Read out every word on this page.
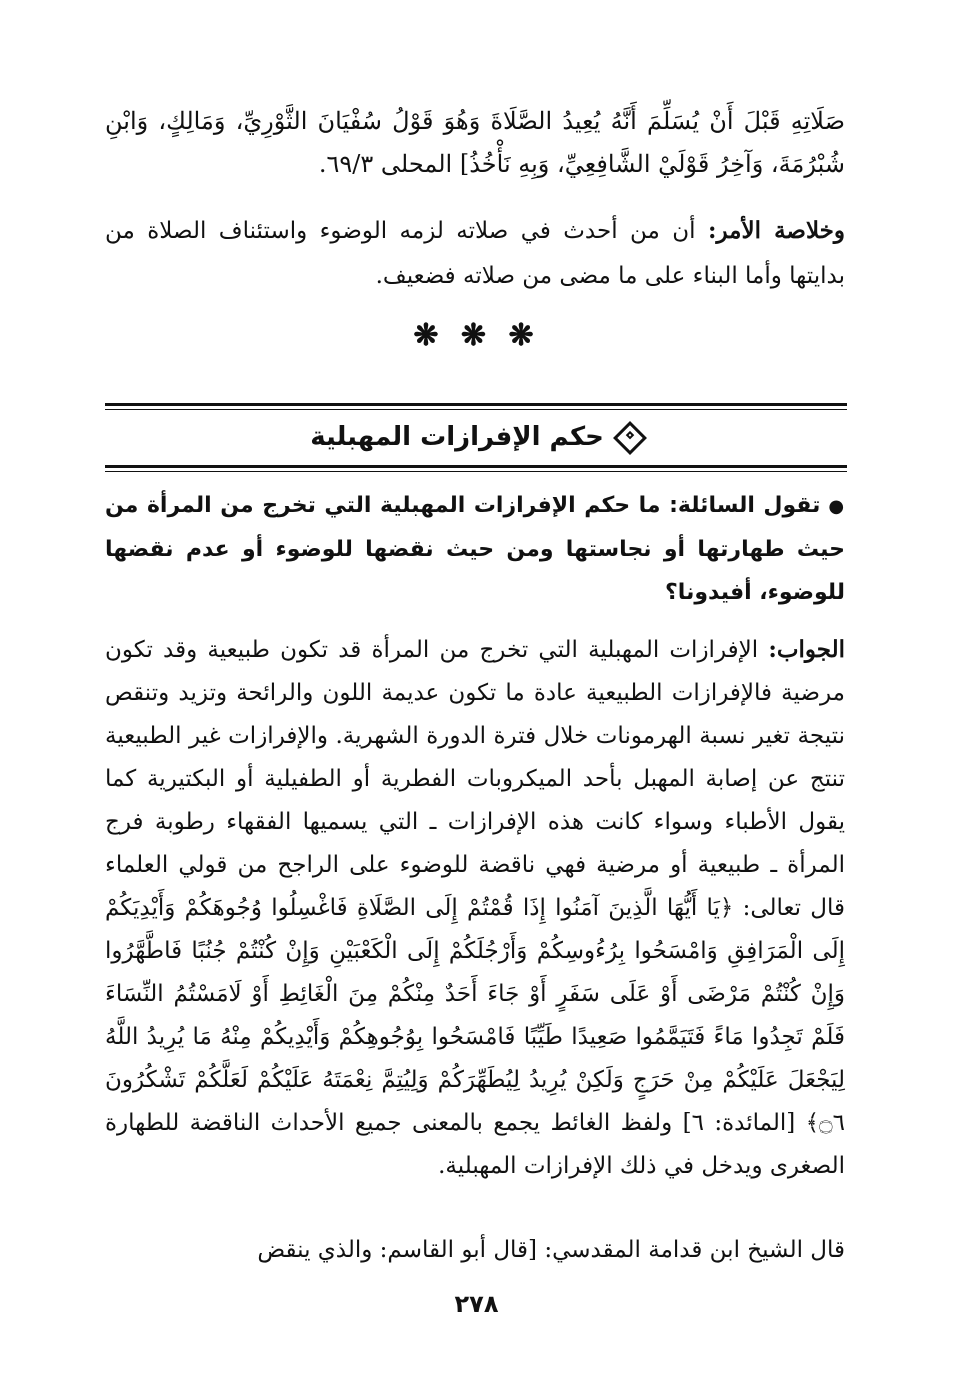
صَلَاتِهِ قَبْلَ أَنْ يُسَلِّمَ أَنَّهُ يُعِيدُ الصَّلَاةَ وَهُوَ قَوْلُ سُفْيَانَ الثَّوْرِيِّ، وَمَالِكٍ، وَابْنِ شُبْرُمَةَ، وَآخِرُ قَوْلَيْ الشَّافِعِيِّ، وَبِهِ نَأْخُذُ] المحلى ٦٩/٣.
وخلاصة الأمر: أن من أحدث في صلاته لزمه الوضوء واستئناف الصلاة من بدايتها وأما البناء على ما مضى من صلاته فضعيف.
❋ ❋ ❋
حكم الإفرازات المهبلية
●تقول السائلة: ما حكم الإفرازات المهبلية التي تخرج من المرأة من حيث طهارتها أو نجاستها ومن حيث نقضها للوضوء أو عدم نقضها للوضوء، أفيدونا؟
الجواب: الإفرازات المهبلية التي تخرج من المرأة قد تكون طبيعية وقد تكون مرضية فالإفرازات الطبيعية عادة ما تكون عديمة اللون والرائحة وتزيد وتنقص نتيجة تغير نسبة الهرمونات خلال فترة الدورة الشهرية. والإفرازات غير الطبيعية تنتج عن إصابة المهبل بأحد الميكروبات الفطرية أو الطفيلية أو البكتيرية كما يقول الأطباء وسواء كانت هذه الإفرازات ـ التي يسميها الفقهاء رطوبة فرج المرأة ـ طبيعية أو مرضية فهي ناقضة للوضوء على الراجح من قولي العلماء قال تعالى: ﴿يَا أَيُّهَا الَّذِينَ آمَنُوا إِذَا قُمْتُمْ إِلَى الصَّلَاةِ فَاغْسِلُوا وُجُوهَكُمْ وَأَيْدِيَكُمْ إِلَى الْمَرَافِقِ وَامْسَحُوا بِرُءُوسِكُمْ وَأَرْجُلَكُمْ إِلَى الْكَعْبَيْنِ وَإِنْ كُنْتُمْ جُنُبًا فَاطَّهَّرُوا وَإِنْ كُنْتُمْ مَرْضَى أَوْ عَلَى سَفَرٍ أَوْ جَاءَ أَحَدٌ مِنْكُمْ مِنَ الْغَائِطِ أَوْ لَامَسْتُمُ النِّسَاءَ فَلَمْ تَجِدُوا مَاءً فَتَيَمَّمُوا صَعِيدًا طَيِّبًا فَامْسَحُوا بِوُجُوهِكُمْ وَأَيْدِيكُمْ مِنْهُ مَا يُرِيدُ اللَّهُ لِيَجْعَلَ عَلَيْكُمْ مِنْ حَرَجٍ وَلَكِنْ يُرِيدُ لِيُطَهِّرَكُمْ وَلِيُتِمَّ نِعْمَتَهُ عَلَيْكُمْ لَعَلَّكُمْ تَشْكُرُونَ ۝٦﴾ [المائدة: ٦] ولفظ الغائط يجمع بالمعنى جميع الأحداث الناقضة للطهارة الصغرى ويدخل في ذلك الإفرازات المهبلية.
قال الشيخ ابن قدامة المقدسي: [قال أبو القاسم: والذي ينقض
٢٧٨
